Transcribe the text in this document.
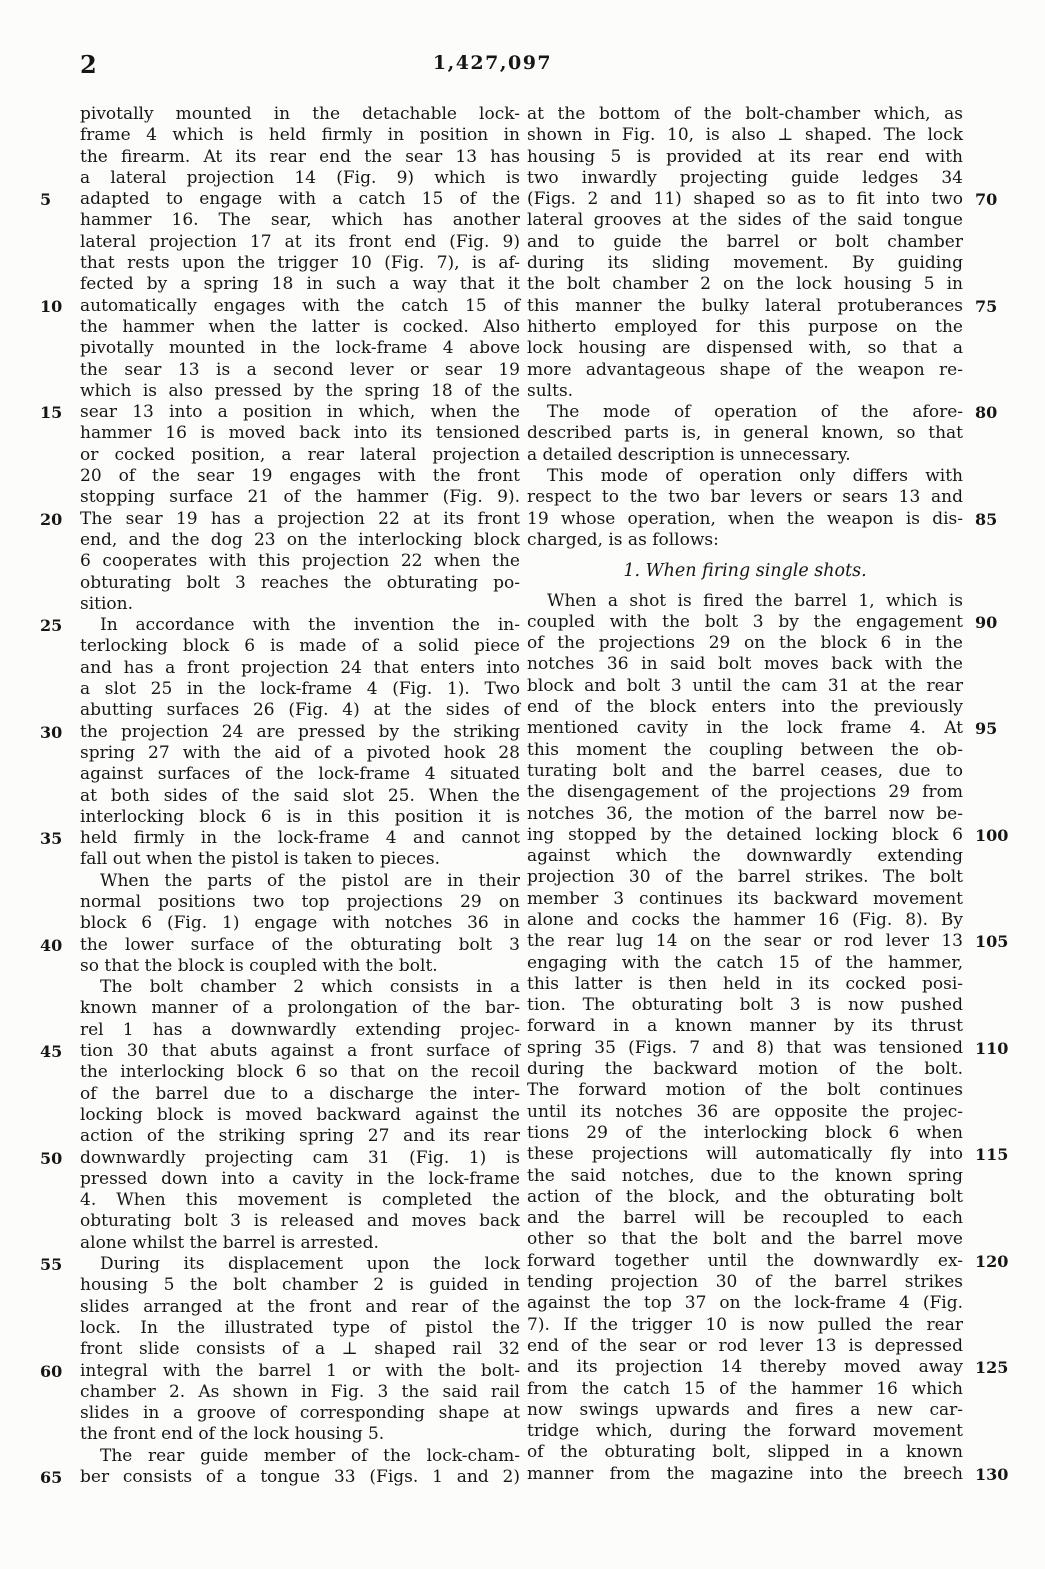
2	1,427,097
pivotally mounted in the detachable lock-
frame 4 which is held firmly in position in
the firearm. At its rear end the sear 13 has
a lateral projection 14 (Fig. 9) which is
adapted to engage with a catch 15 of the
5
hammer 16. The sear, which has another
lateral projection 17 at its front end (Fig. 9)
that rests upon the trigger 10 (Fig. 7), is af-
fected by a spring 18 in such a way that it
automatically engages with the catch 15 of
10
the hammer when the latter is cocked. Also
pivotally mounted in the lock-frame 4 above
the sear 13 is a second lever or sear 19
which is also pressed by the spring 18 of the
sear 13 into a position in which, when the
15
hammer 16 is moved back into its tensioned
or cocked position, a rear lateral projection
20 of the sear 19 engages with the front
stopping surface 21 of the hammer (Fig. 9).
The sear 19 has a projection 22 at its front
20
end, and the dog 23 on the interlocking block
6 cooperates with this projection 22 when the
obturating bolt 3 reaches the obturating po-
sition.
In accordance with the invention the in-
25
terlocking block 6 is made of a solid piece
and has a front projection 24 that enters into
a slot 25 in the lock-frame 4 (Fig. 1). Two
abutting surfaces 26 (Fig. 4) at the sides of
the projection 24 are pressed by the striking
30
spring 27 with the aid of a pivoted hook 28
against surfaces of the lock-frame 4 situated
at both sides of the said slot 25. When the
interlocking block 6 is in this position it is
held firmly in the lock-frame 4 and cannot
35
fall out when the pistol is taken to pieces.
When the parts of the pistol are in their
normal positions two top projections 29 on
block 6 (Fig. 1) engage with notches 36 in
the lower surface of the obturating bolt 3
40
so that the block is coupled with the bolt.
The bolt chamber 2 which consists in a
known manner of a prolongation of the bar-
rel 1 has a downwardly extending projec-
tion 30 that abuts against a front surface of
45
the interlocking block 6 so that on the recoil
of the barrel due to a discharge the inter-
locking block is moved backward against the
action of the striking spring 27 and its rear
downwardly projecting cam 31 (Fig. 1) is
50
pressed down into a cavity in the lock-frame
4. When this movement is completed the
obturating bolt 3 is released and moves back
alone whilst the barrel is arrested.
During its displacement upon the lock
55
housing 5 the bolt chamber 2 is guided in
slides arranged at the front and rear of the
lock. In the illustrated type of pistol the
front slide consists of a ⊥ shaped rail 32
integral with the barrel 1 or with the bolt-
60
chamber 2. As shown in Fig. 3 the said rail
slides in a groove of corresponding shape at
the front end of the lock housing 5.
The rear guide member of the lock-cham-
ber consists of a tongue 33 (Figs. 1 and 2)
65
at the bottom of the bolt-chamber which, as
shown in Fig. 10, is also ⊥ shaped. The lock
housing 5 is provided at its rear end with
two inwardly projecting guide ledges 34
(Figs. 2 and 11) shaped so as to fit into two 70
lateral grooves at the sides of the said tongue
and to guide the barrel or bolt chamber
during its sliding movement. By guiding
the bolt chamber 2 on the lock housing 5 in
this manner the bulky lateral protuberances 75
hitherto employed for this purpose on the
lock housing are dispensed with, so that a
more advantageous shape of the weapon re-
sults.
The mode of operation of the afore- 80
described parts is, in general known, so that
a detailed description is unnecessary.
This mode of operation only differs with
respect to the two bar levers or sears 13 and
19 whose operation, when the weapon is dis- 85
charged, is as follows:
1. When firing single shots.
When a shot is fired the barrel 1, which is
coupled with the bolt 3 by the engagement 90
of the projections 29 on the block 6 in the
notches 36 in said bolt moves back with the
block and bolt 3 until the cam 31 at the rear
end of the block enters into the previously
mentioned cavity in the lock frame 4. At 95
this moment the coupling between the ob-
turating bolt and the barrel ceases, due to
the disengagement of the projections 29 from
notches 36, the motion of the barrel now be-
ing stopped by the detained locking block 6 100
against which the downwardly extending
projection 30 of the barrel strikes. The bolt
member 3 continues its backward movement
alone and cocks the hammer 16 (Fig. 8). By
the rear lug 14 on the sear or rod lever 13 105
engaging with the catch 15 of the hammer,
this latter is then held in its cocked posi-
tion. The obturating bolt 3 is now pushed
forward in a known manner by its thrust
spring 35 (Figs. 7 and 8) that was tensioned 110
during the backward motion of the bolt.
The forward motion of the bolt continues
until its notches 36 are opposite the projec-
tions 29 of the interlocking block 6 when
these projections will automatically fly into 115
the said notches, due to the known spring
action of the block, and the obturating bolt
and the barrel will be recoupled to each
other so that the bolt and the barrel move
forward together until the downwardly ex- 120
tending projection 30 of the barrel strikes
against the top 37 on the lock-frame 4 (Fig.
7). If the trigger 10 is now pulled the rear
end of the sear or rod lever 13 is depressed
and its projection 14 thereby moved away 125
from the catch 15 of the hammer 16 which
now swings upwards and fires a new car-
tridge which, during the forward movement
of the obturating bolt, slipped in a known
manner from the magazine into the breech 130
